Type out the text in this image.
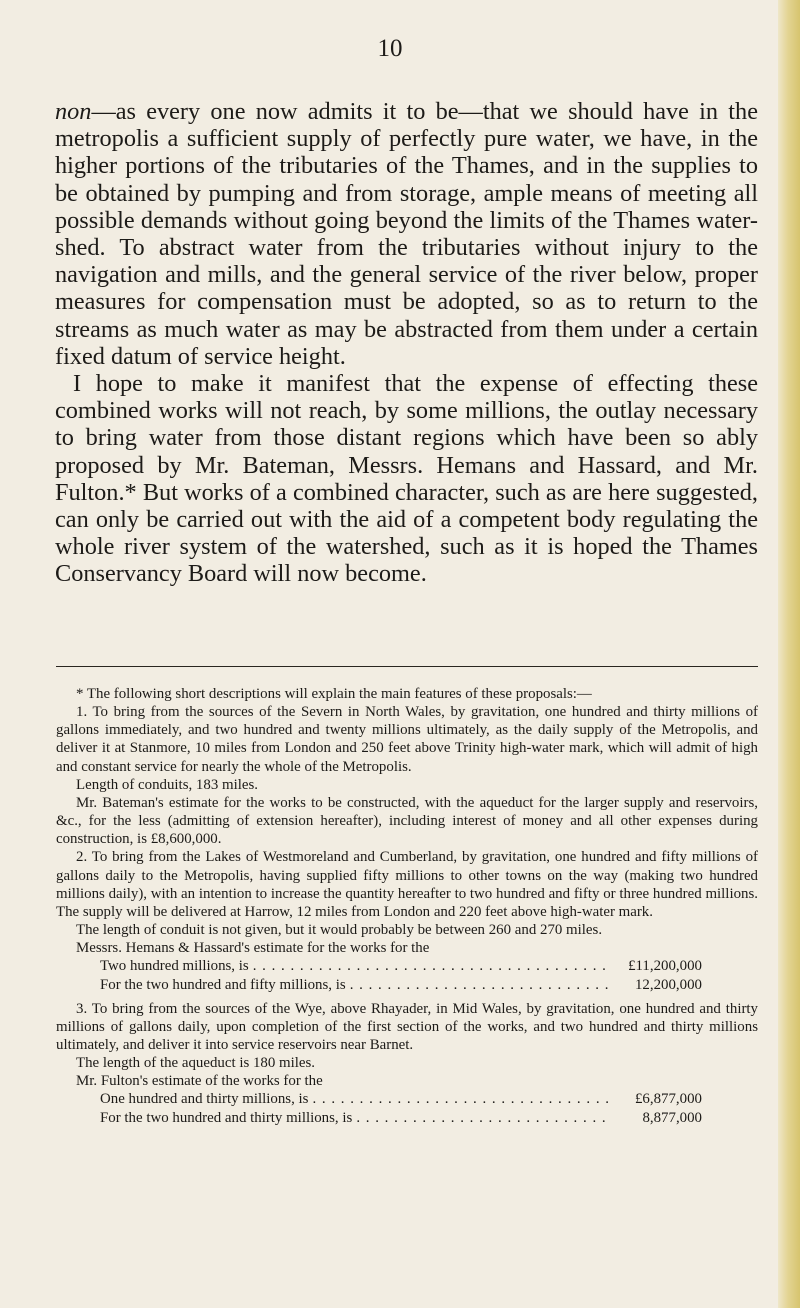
10

non—as every one now admits it to be—that we should have in the metropolis a sufficient supply of perfectly pure water, we have, in the higher portions of the tributaries of the Thames, and in the supplies to be obtained by pumping and from storage, ample means of meeting all possible demands without going beyond the limits of the Thames water-shed. To abstract water from the tributaries without injury to the navigation and mills, and the general service of the river below, proper measures for compensation must be adopted, so as to return to the streams as much water as may be abstracted from them under a certain fixed datum of service height.

I hope to make it manifest that the expense of effecting these combined works will not reach, by some millions, the outlay necessary to bring water from those distant regions which have been so ably proposed by Mr. Bateman, Messrs. Hemans and Hassard, and Mr. Fulton.* But works of a combined character, such as are here suggested, can only be carried out with the aid of a competent body regulating the whole river system of the watershed, such as it is hoped the Thames Conservancy Board will now become.

* The following short descriptions will explain the main features of these proposals:—

1. To bring from the sources of the Severn in North Wales, by gravitation, one hundred and thirty millions of gallons immediately, and two hundred and twenty millions ultimately, as the daily supply of the Metropolis, and deliver it at Stanmore, 10 miles from London and 250 feet above Trinity high-water mark, which will admit of high and constant service for nearly the whole of the Metropolis.

Length of conduits, 183 miles.

Mr. Bateman's estimate for the works to be constructed, with the aqueduct for the larger supply and reservoirs, &c., for the less (admitting of extension hereafter), including interest of money and all other expenses during construction, is £8,600,000.

2. To bring from the Lakes of Westmoreland and Cumberland, by gravitation, one hundred and fifty millions of gallons daily to the Metropolis, having supplied fifty millions to other towns on the way (making two hundred millions daily), with an intention to increase the quantity hereafter to two hundred and fifty or three hundred millions. The supply will be delivered at Harrow, 12 miles from London and 220 feet above high-water mark.

The length of conduit is not given, but it would probably be between 260 and 270 miles.

Messrs. Hemans & Hassard's estimate for the works for the

Two hundred millions, is . . .	£11,200,000
For the two hundred and fifty millions, is . . .	12,200,000

3. To bring from the sources of the Wye, above Rhayader, in Mid Wales, by gravitation, one hundred and thirty millions of gallons daily, upon completion of the first section of the works, and two hundred and thirty millions ultimately, and deliver it into service reservoirs near Barnet.

The length of the aqueduct is 180 miles.

Mr. Fulton's estimate of the works for the

One hundred and thirty millions, is . . .	£6,877,000
For the two hundred and thirty millions, is . . .	8,877,000
